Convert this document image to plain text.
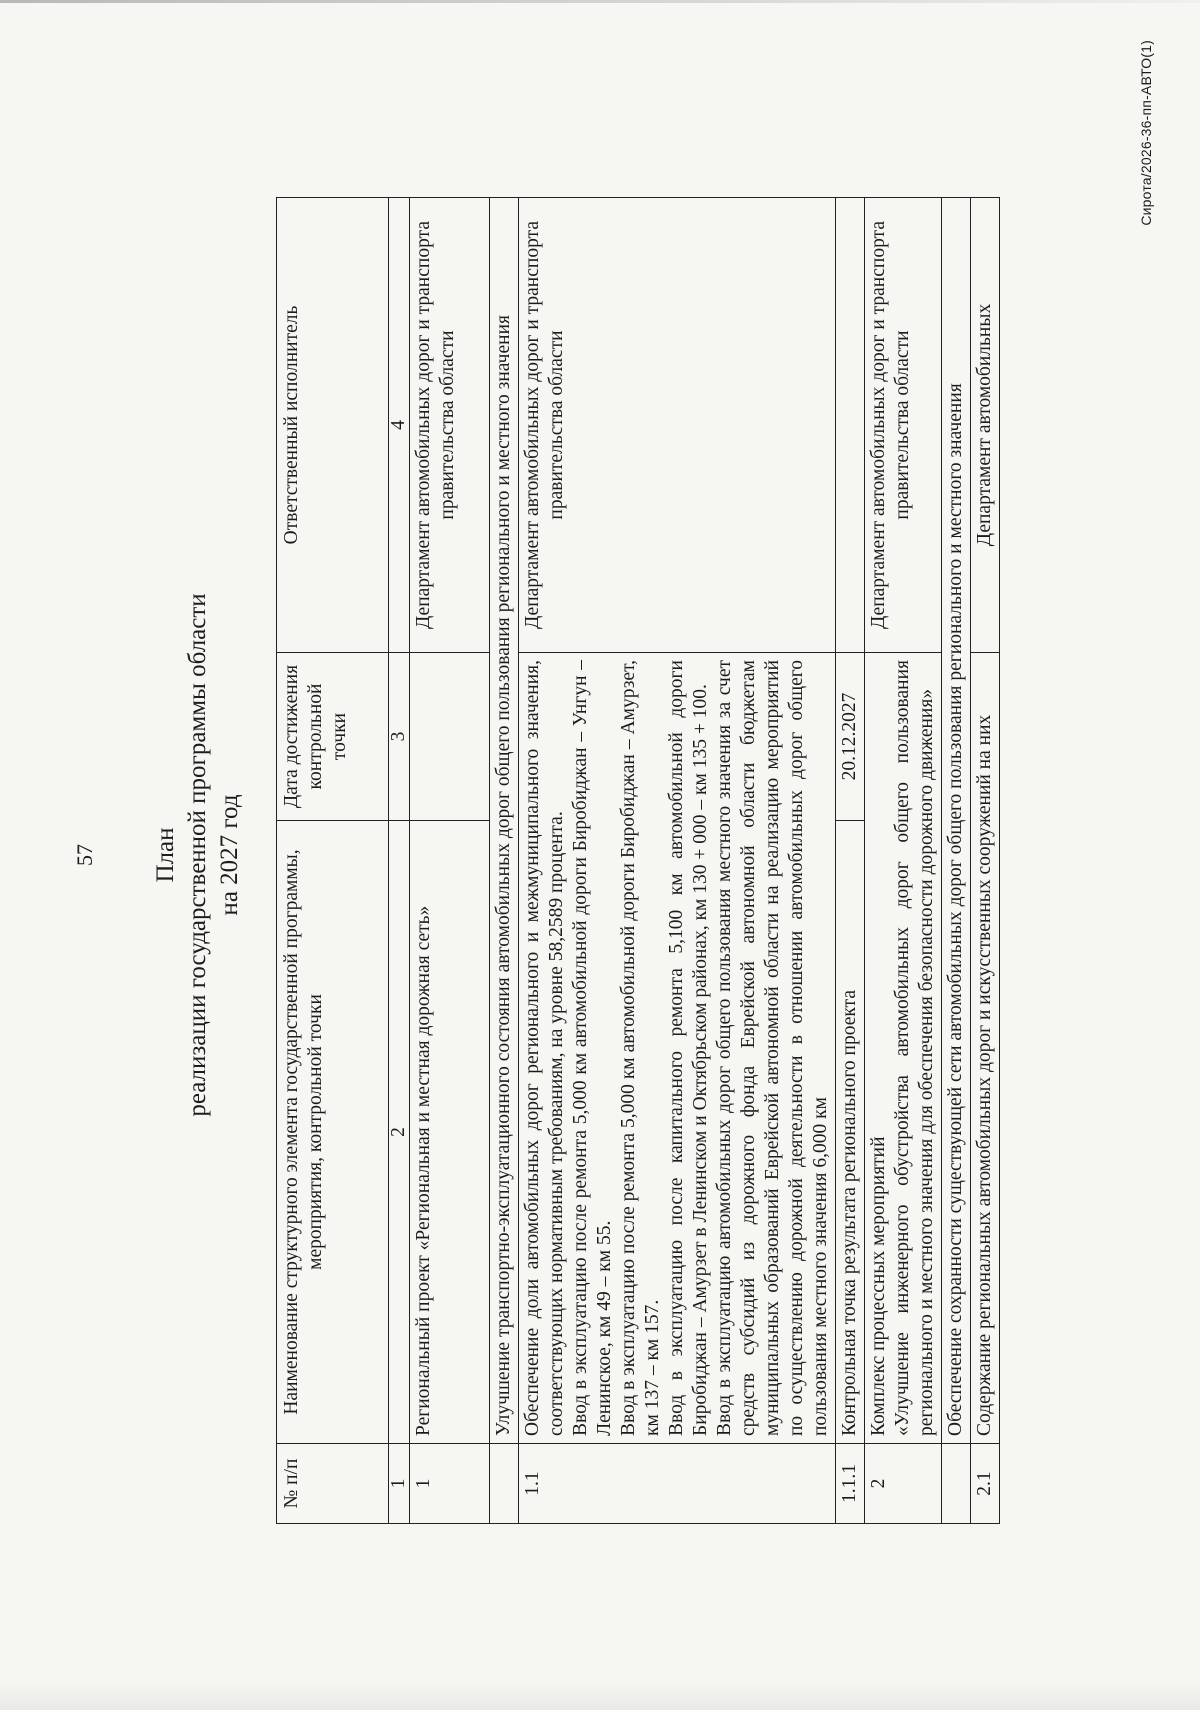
57 План реализации государственной программы области на 2027 год
№ п/п	Наименование структурного элемента государственной программы, мероприятия, контрольной точки	Дата достижения контрольной точки	Ответственный исполнитель
1	2	3	4
1	Региональный проект «Региональная и местная дорожная сеть»		Департамент автомобильных дорог и транспорта правительства области
	Улучшение транспортно-эксплуатационного состояния автомобильных дорог общего пользования регионального и местного значения		
1.1	Обеспечение доли автомобильных дорог регионального и межмуниципального значения, соответствующих нормативным требованиям, на уровне 58,2589 процента. Ввод в эксплуатацию после ремонта 5,000 км автомобильной дороги Биробиджан – Унгун – Ленинское, км 49 – км 55. Ввод в эксплуатацию после ремонта 5,000 км автомобильной дороги Биробиджан – Амурзет, км 137 – км 157. Ввод в эксплуатацию после капитального ремонта 5,100 км автомобильной дороги Биробиджан – Амурзет в Ленинском и Октябрьском районах, км 130 + 000 – км 135 + 100. Ввод в эксплуатацию автомобильных дорог общего пользования местного значения за счет средств субсидий из дорожного фонда Еврейской автономной области бюджетам муниципальных образований Еврейской автономной области на реализацию мероприятий по осуществлению дорожной деятельности в отношении автомобильных дорог общего пользования местного значения 6,000 км		Департамент автомобильных дорог и транспорта правительства области
1.1.1	Контрольная точка результата регионального проекта	20.12.2027	
2	Комплекс процессных мероприятий «Улучшение инженерного обустройства автомобильных дорог общего пользования регионального и местного значения для обеспечения безопасности дорожного движения»		Департамент автомобильных дорог и транспорта правительства области
	Обеспечение сохранности существующей сети автомобильных дорог общего пользования регионального и местного значения		
2.1	Содержание региональных автомобильных дорог и искусственных сооружений на них		Департамент автомобильных
Сирота/2026-36-пп-АВТО(1)
